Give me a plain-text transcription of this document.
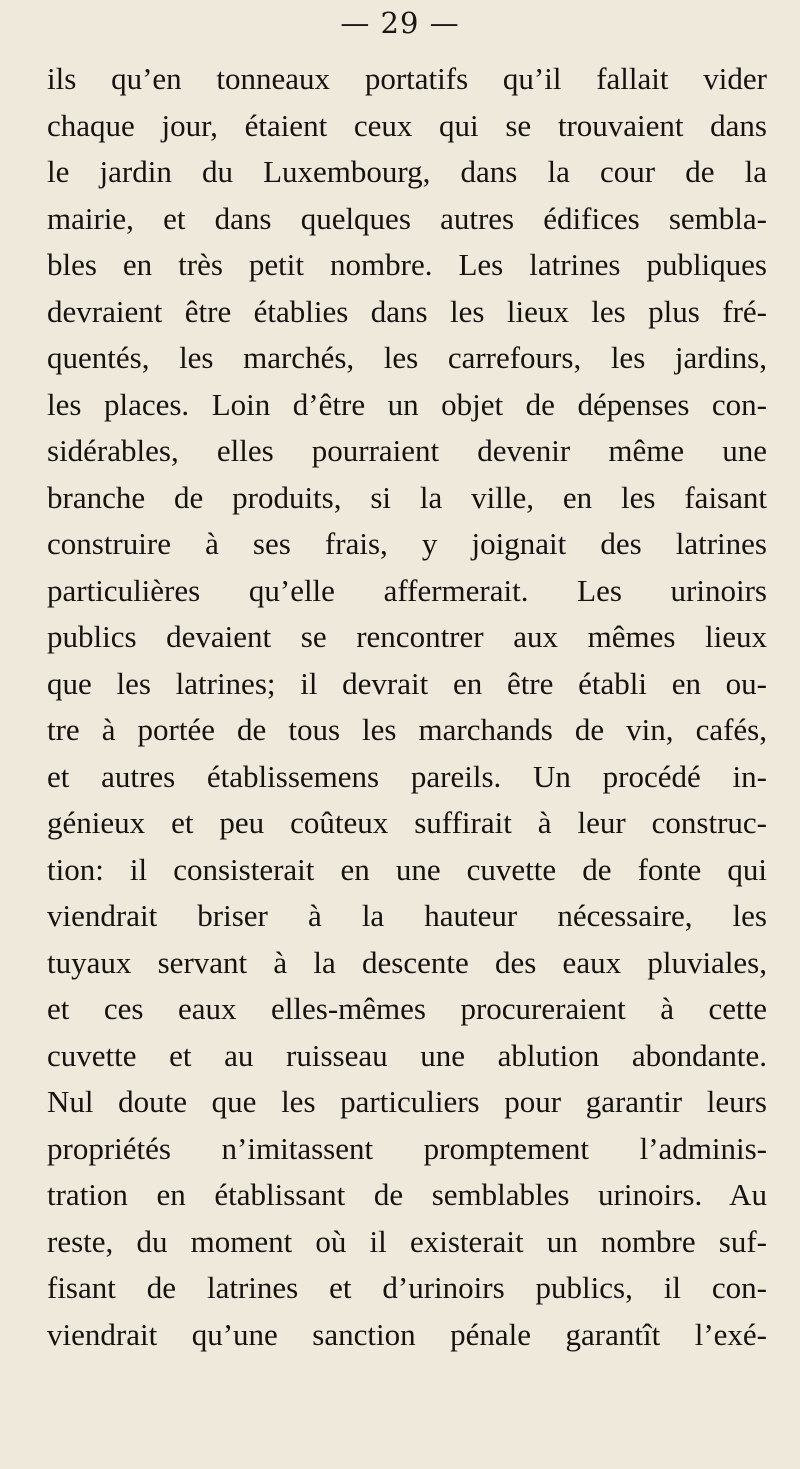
— 29 —
ils qu’en tonneaux portatifs qu’il fallait vider
chaque jour, étaient ceux qui se trouvaient dans
le jardin du Luxembourg, dans la cour de la
mairie, et dans quelques autres édifices sembla-
bles en très petit nombre. Les latrines publiques
devraient être établies dans les lieux les plus fré-
quentés, les marchés, les carrefours, les jardins,
les places. Loin d’être un objet de dépenses con-
sidérables, elles pourraient devenir même une
branche de produits, si la ville, en les faisant
construire à ses frais, y joignait des latrines
particulières qu’elle affermerait. Les urinoirs
publics devaient se rencontrer aux mêmes lieux
que les latrines; il devrait en être établi en ou-
tre à portée de tous les marchands de vin, cafés,
et autres établissemens pareils. Un procédé in-
génieux et peu coûteux suffirait à leur construc-
tion: il consisterait en une cuvette de fonte qui
viendrait briser à la hauteur nécessaire, les
tuyaux servant à la descente des eaux pluviales,
et ces eaux elles-mêmes procureraient à cette
cuvette et au ruisseau une ablution abondante.
Nul doute que les particuliers pour garantir leurs
propriétés n’imitassent promptement l’adminis-
tration en établissant de semblables urinoirs. Au
reste, du moment où il existerait un nombre suf-
fisant de latrines et d’urinoirs publics, il con-
viendrait qu’une sanction pénale garantît l’exé-
